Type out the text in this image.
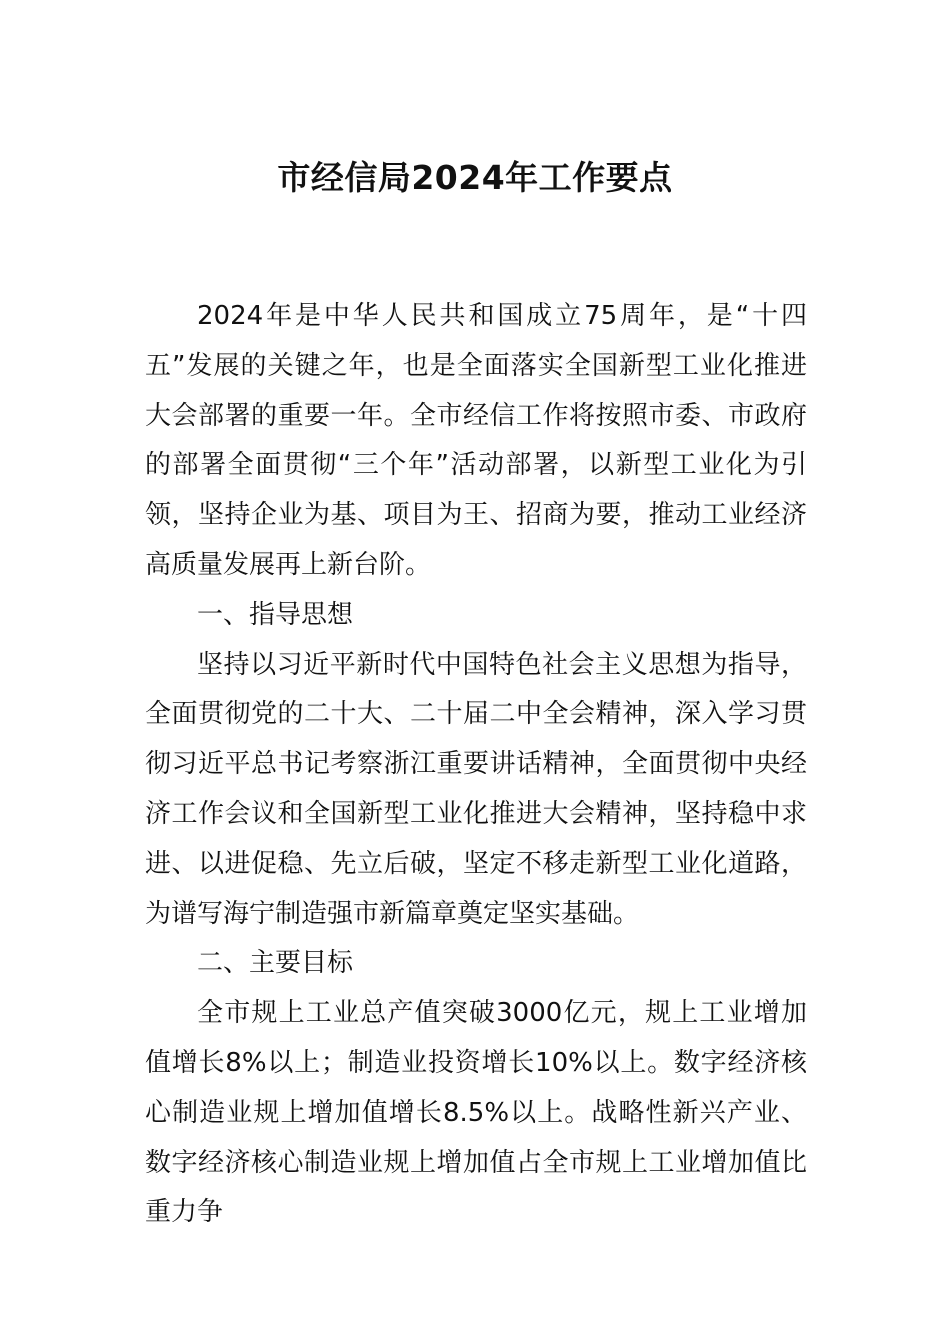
市经信局2024年工作要点

2024年是中华人民共和国成立75周年，是“十四五”发展的关键之年，也是全面落实全国新型工业化推进大会部署的重要一年。全市经信工作将按照市委、市政府的部署全面贯彻“三个年”活动部署，以新型工业化为引领，坚持企业为基、项目为王、招商为要，推动工业经济高质量发展再上新台阶。

一、指导思想

坚持以习近平新时代中国特色社会主义思想为指导，全面贯彻党的二十大、二十届二中全会精神，深入学习贯彻习近平总书记考察浙江重要讲话精神，全面贯彻中央经济工作会议和全国新型工业化推进大会精神，坚持稳中求进、以进促稳、先立后破，坚定不移走新型工业化道路，为谱写海宁制造强市新篇章奠定坚实基础。

二、主要目标

全市规上工业总产值突破3000亿元，规上工业增加值增长8%以上；制造业投资增长10%以上。数字经济核心制造业规上增加值增长8.5%以上。战略性新兴产业、数字经济核心制造业规上增加值占全市规上工业增加值比重力争
